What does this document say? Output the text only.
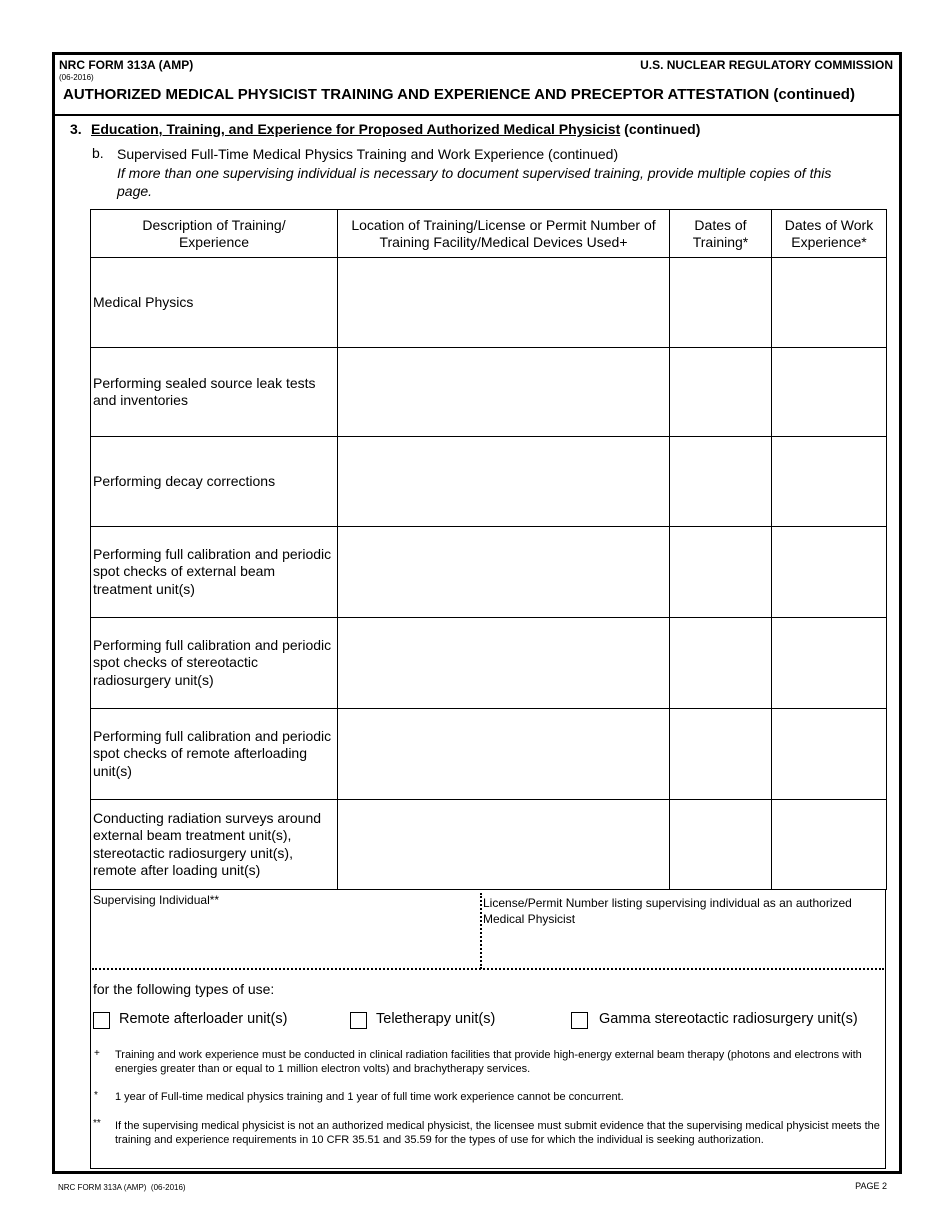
NRC FORM 313A (AMP)
(06-2016)
U.S. NUCLEAR REGULATORY COMMISSION
AUTHORIZED MEDICAL PHYSICIST TRAINING AND EXPERIENCE AND PRECEPTOR ATTESTATION (continued)
3. Education, Training, and Experience for Proposed Authorized Medical Physicist (continued)
b. Supervised Full-Time Medical Physics Training and Work Experience (continued)
If more than one supervising individual is necessary to document supervised training, provide multiple copies of this page.
Description of Training/ Experience	Location of Training/License or Permit Number of Training Facility/Medical Devices Used+	Dates of Training*	Dates of Work Experience*
Medical Physics			
Performing sealed source leak tests and inventories			
Performing decay corrections			
Performing full calibration and periodic spot checks of external beam treatment unit(s)			
Performing full calibration and periodic spot checks of stereotactic radiosurgery unit(s)			
Performing full calibration and periodic spot checks of remote afterloading unit(s)			
Conducting radiation surveys around external beam treatment unit(s), stereotactic radiosurgery unit(s), remote after loading unit(s)			
Supervising Individual**	License/Permit Number listing supervising individual as an authorized Medical Physicist
for the following types of use:
Remote afterloader unit(s)	Teletherapy unit(s)	Gamma stereotactic radiosurgery unit(s)
+ Training and work experience must be conducted in clinical radiation facilities that provide high-energy external beam therapy (photons and electrons with energies greater than or equal to 1 million electron volts) and brachytherapy services.
* 1 year of Full-time medical physics training and 1 year of full time work experience cannot be concurrent.
** If the supervising medical physicist is not an authorized medical physicist, the licensee must submit evidence that the supervising medical physicist meets the training and experience requirements in 10 CFR 35.51 and 35.59 for the types of use for which the individual is seeking authorization.
NRC FORM 313A (AMP)  (06-2016)	PAGE 2
